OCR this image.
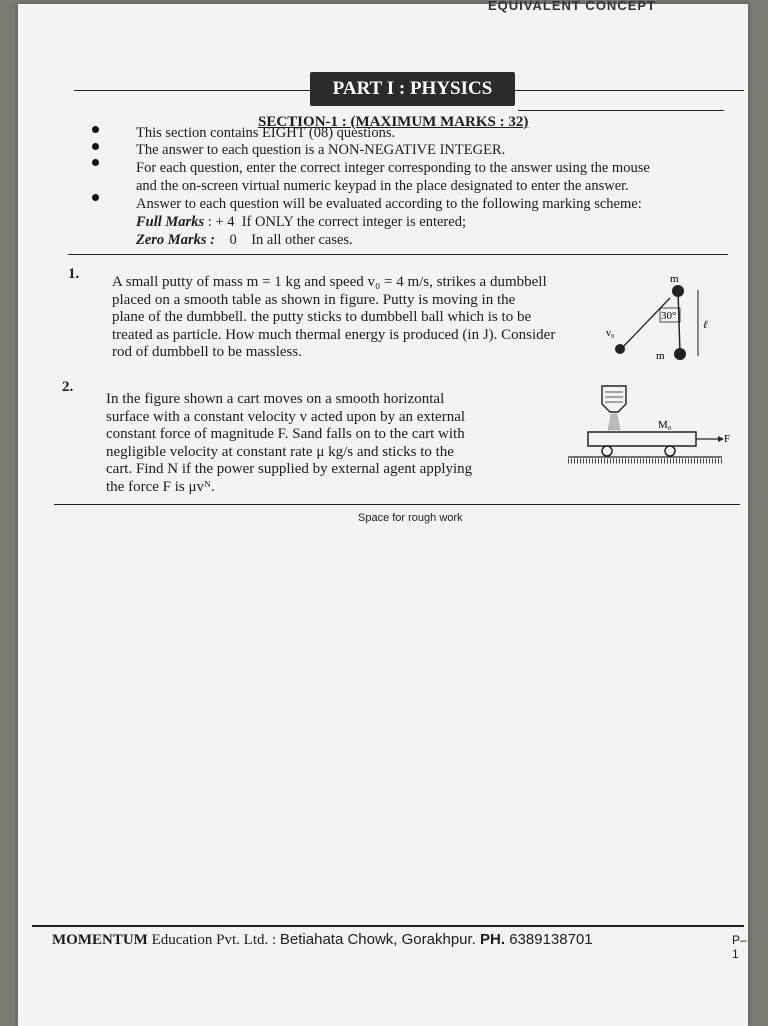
EQUIVALENT CONCEPT
PART I : PHYSICS
SECTION-1 : (MAXIMUM MARKS : 32)
This section contains EIGHT (08) questions.
The answer to each question is a NON-NEGATIVE INTEGER.
For each question, enter the correct integer corresponding to the answer using the mouse
and the on-screen virtual numeric keypad in the place designated to enter the answer.
Answer to each question will be evaluated according to the following marking scheme:
Full Marks : + 4 If ONLY the correct integer is entered;
Zero Marks : 0 In all other cases.
1. A small putty of mass m = 1 kg and speed v₀ = 4 m/s, strikes a dumbbell
placed on a smooth table as shown in figure. Putty is moving in the
plane of the dumbbell. the putty sticks to dumbbell ball which is to be
treated as particle. How much thermal energy is produced (in J). Consider
rod of dumbbell to be massless.
m
30°
v₀
m
ℓ
2.
In the figure shown a cart moves on a smooth horizontal
surface with a constant velocity v acted upon by an external
constant force of magnitude F. Sand falls on to the cart with
negligible velocity at constant rate μ kg/s and sticks to the
cart. Find N if the power supplied by external agent applying
the force F is μvᴺ.
M₀
F
Space for rough work
MOMENTUM Education Pvt. Ltd. : Betiahata Chowk, Gorakhpur. PH. 6389138701	P–1
